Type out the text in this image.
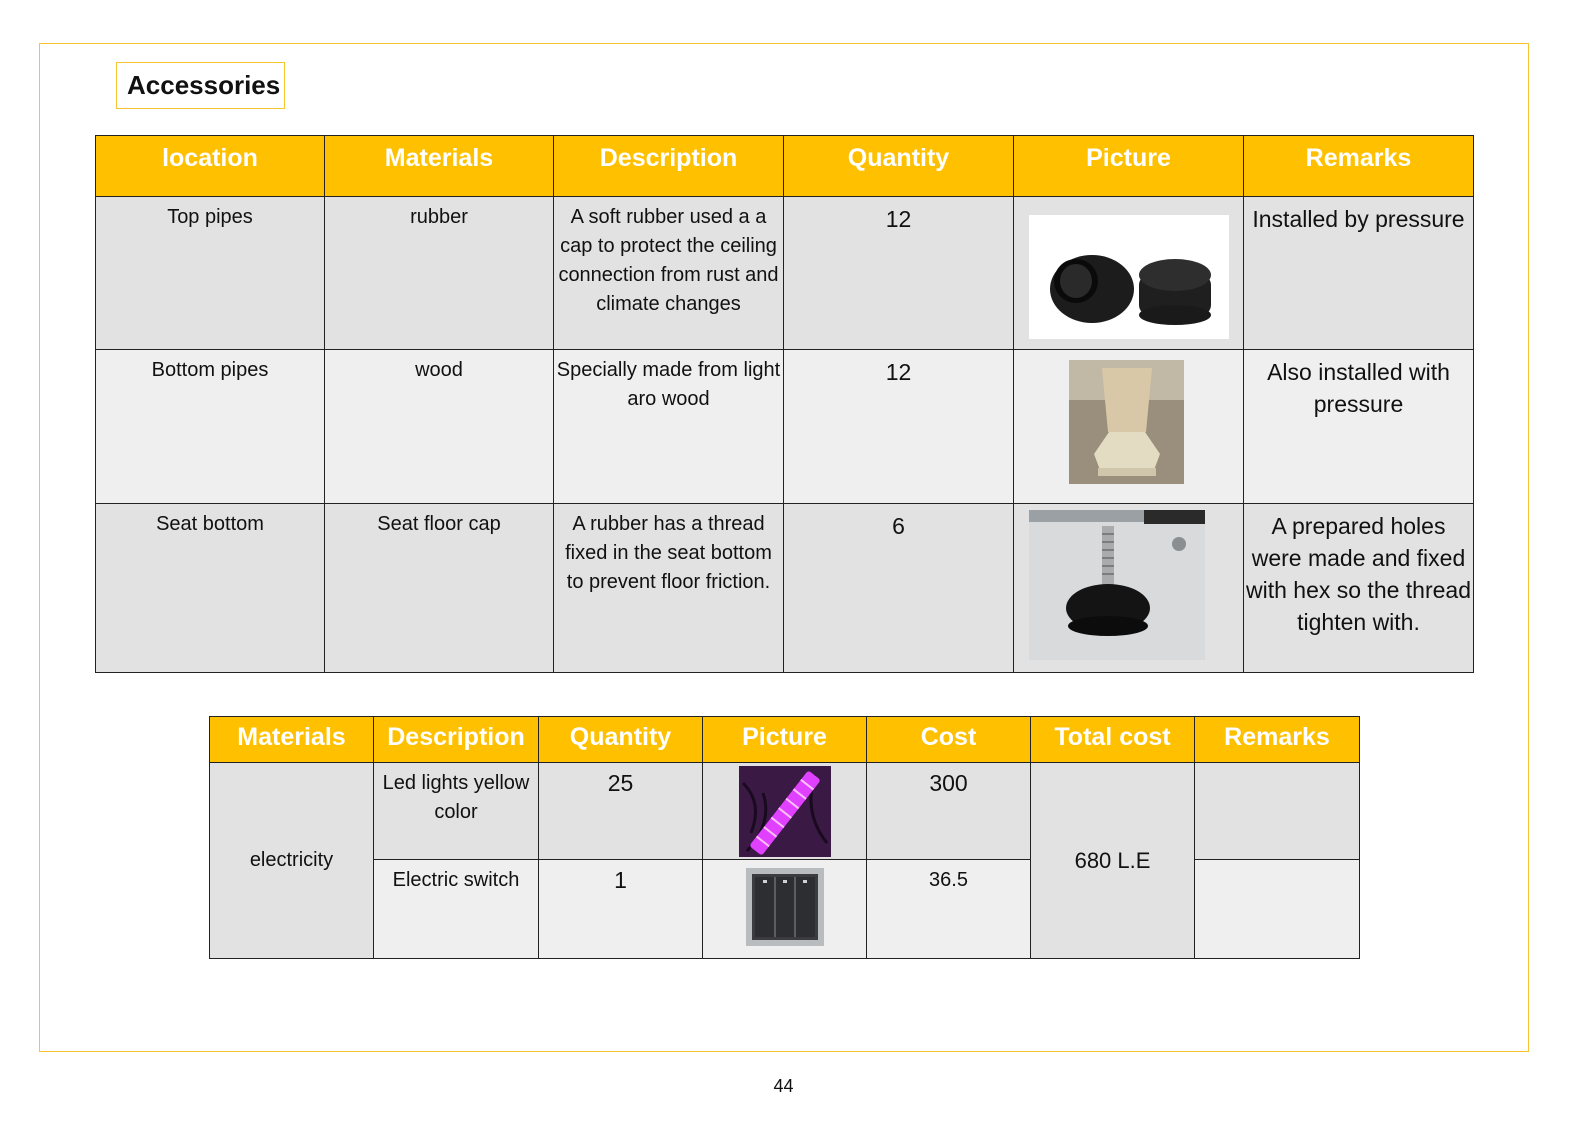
Accessories
location	Materials	Description	Quantity	Picture	Remarks
Top pipes	rubber	A soft rubber used a a cap to protect the ceiling connection from rust and climate changes	12		Installed by pressure
Bottom pipes	wood	Specially made from light aro wood	12		Also installed with pressure
Seat bottom	Seat floor cap	A rubber has a thread fixed in the seat bottom to prevent floor friction.	6		A prepared holes were made and fixed with hex so the thread tighten with.
Materials	Description	Quantity	Picture	Cost	Total cost	Remarks
electricity	Led lights yellow color	25		300	680 L.E	
	Electric switch	1		36.5		
44
